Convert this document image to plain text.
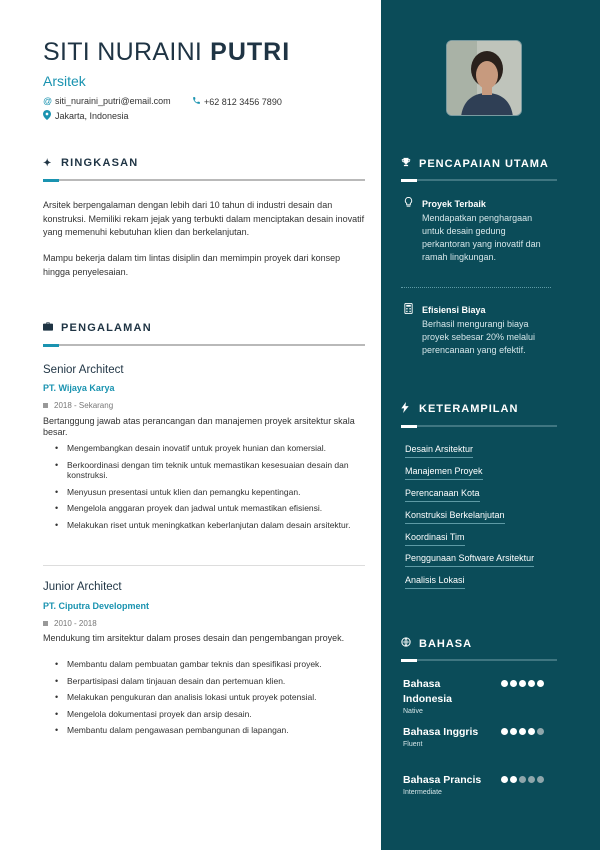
SITI NURAINI PUTRI
Arsitek
@ siti_nuraini_putri@email.com	+62 812 3456 7890
Jakarta, Indonesia
✦ RINGKASAN
Arsitek berpengalaman dengan lebih dari 10 tahun di industri desain dan konstruksi. Memiliki rekam jejak yang terbukti dalam menciptakan desain inovatif yang memenuhi kebutuhan klien dan berkelanjutan.
Mampu bekerja dalam tim lintas disiplin dan memimpin proyek dari konsep hingga penyelesaian.
PENGALAMAN
Senior Architect
PT. Wijaya Karya
2018 - Sekarang
Bertanggung jawab atas perancangan dan manajemen proyek arsitektur skala besar.
• Mengembangkan desain inovatif untuk proyek hunian dan komersial.
• Berkoordinasi dengan tim teknik untuk memastikan kesesuaian desain dan konstruksi.
• Menyusun presentasi untuk klien dan pemangku kepentingan.
• Mengelola anggaran proyek dan jadwal untuk memastikan efisiensi.
• Melakukan riset untuk meningkatkan keberlanjutan dalam desain arsitektur.
Junior Architect
PT. Ciputra Development
2010 - 2018
Mendukung tim arsitektur dalam proses desain dan pengembangan proyek.
• Membantu dalam pembuatan gambar teknis dan spesifikasi proyek.
• Berpartisipasi dalam tinjauan desain dan pertemuan klien.
• Melakukan pengukuran dan analisis lokasi untuk proyek potensial.
• Mengelola dokumentasi proyek dan arsip desain.
• Membantu dalam pengawasan pembangunan di lapangan.
PENCAPAIAN UTAMA
Proyek Terbaik
Mendapatkan penghargaan untuk desain gedung perkantoran yang inovatif dan ramah lingkungan.
Efisiensi Biaya
Berhasil mengurangi biaya proyek sebesar 20% melalui perencanaan yang efektif.
KETERAMPILAN
Desain Arsitektur
Manajemen Proyek
Perencanaan Kota
Konstruksi Berkelanjutan
Koordinasi Tim
Penggunaan Software Arsitektur
Analisis Lokasi
BAHASA
Bahasa Indonesia
Native
Bahasa Inggris
Fluent
Bahasa Prancis
Intermediate
